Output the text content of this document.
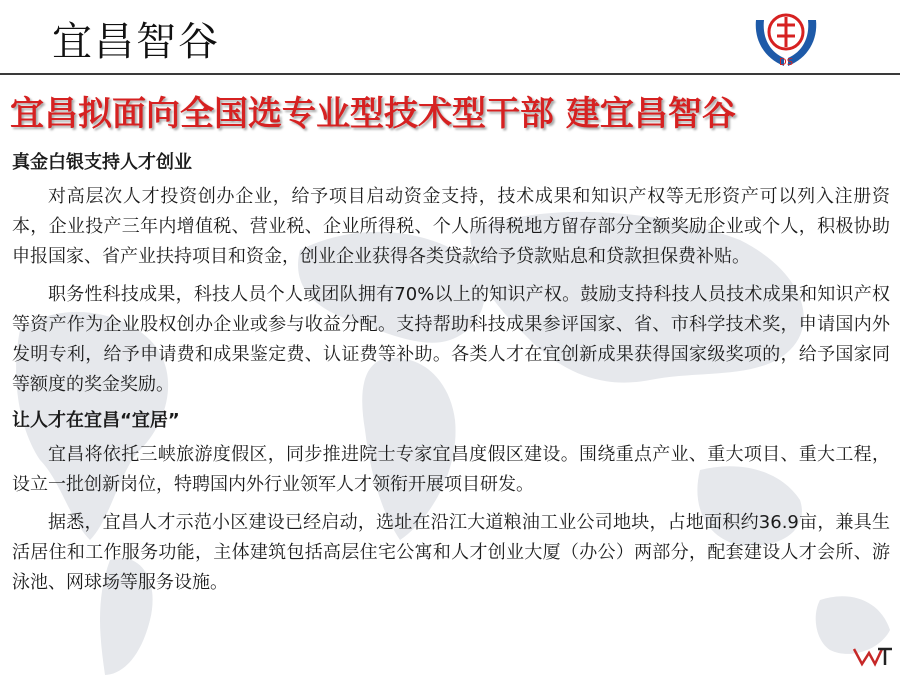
宜昌智谷	DS
宜昌拟面向全国选专业型技术型干部 建宜昌智谷

真金白银支持人才创业

对高层次人才投资创办企业，给予项目启动资金支持，技术成果和知识产权等无形资产可以列入注册资本，企业投产三年内增值税、营业税、企业所得税、个人所得税地方留存部分全额奖励企业或个人，积极协助申报国家、省产业扶持项目和资金，创业企业获得各类贷款给予贷款贴息和贷款担保费补贴。

职务性科技成果，科技人员个人或团队拥有70%以上的知识产权。鼓励支持科技人员技术成果和知识产权等资产作为企业股权创办企业或参与收益分配。支持帮助科技成果参评国家、省、市科学技术奖，申请国内外发明专利，给予申请费和成果鉴定费、认证费等补助。各类人才在宜创新成果获得国家级奖项的，给予国家同等额度的奖金奖励。

让人才在宜昌“宜居”

宜昌将依托三峡旅游度假区，同步推进院士专家宜昌度假区建设。围绕重点产业、重大项目、重大工程，设立一批创新岗位，特聘国内外行业领军人才领衔开展项目研发。

据悉，宜昌人才示范小区建设已经启动，选址在沿江大道粮油工业公司地块，占地面积约36.9亩，兼具生活居住和工作服务功能，主体建筑包括高层住宅公寓和人才创业大厦（办公）两部分，配套建设人才会所、游泳池、网球场等服务设施。
